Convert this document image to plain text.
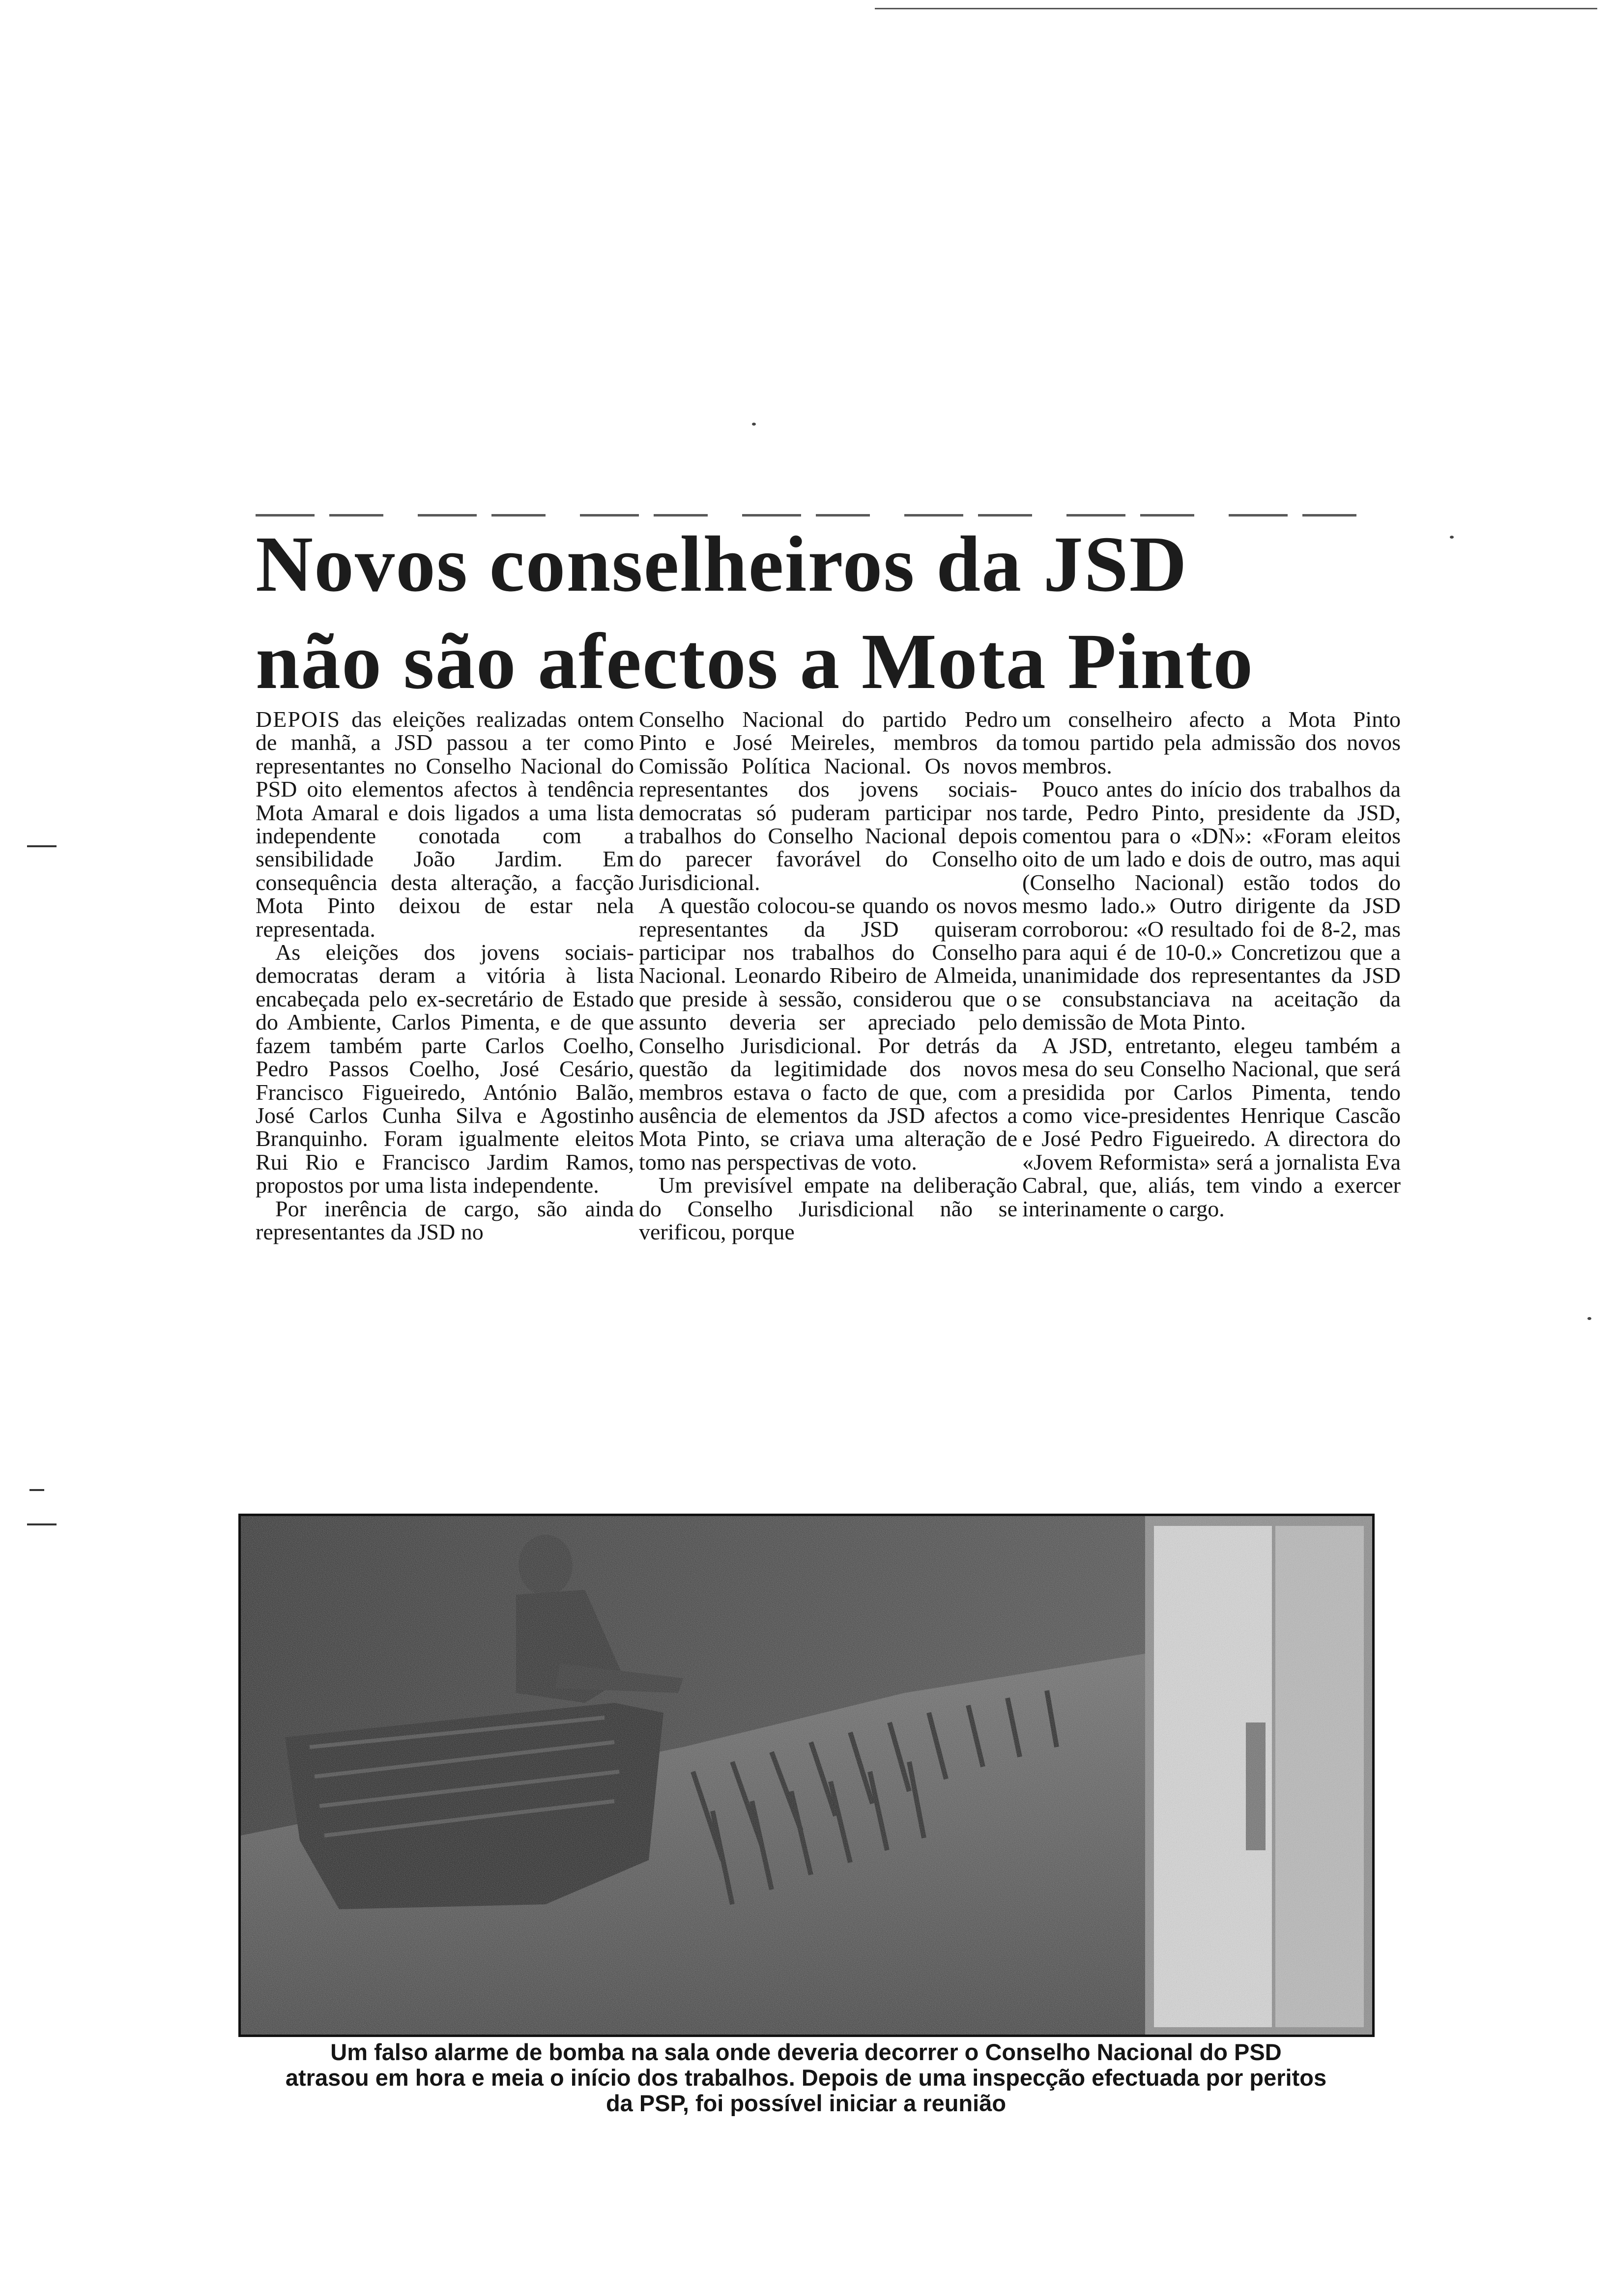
Novos conselheiros da JSD
não são afectos a Mota Pinto

DEPOIS das eleições realizadas ontem de manhã, a JSD passou a ter como representantes no Conselho Nacional do PSD oito elementos afectos à tendência Mota Amaral e dois ligados a uma lista independente conotada com a sensibilidade João Jardim. Em consequência desta alteração, a facção Mota Pinto deixou de estar nela representada.

As eleições dos jovens sociais-democratas deram a vitória à lista encabeçada pelo ex-secretário de Estado do Ambiente, Carlos Pimenta, e de que fazem também parte Carlos Coelho, Pedro Passos Coelho, José Cesário, Francisco Figueiredo, António Balão, José Carlos Cunha Silva e Agostinho Branquinho. Foram igualmente eleitos Rui Rio e Francisco Jardim Ramos, propostos por uma lista independente.

Por inerência de cargo, são ainda representantes da JSD no

Conselho Nacional do partido Pedro Pinto e José Meireles, membros da Comissão Política Nacional. Os novos representantes dos jovens sociais-democratas só puderam participar nos trabalhos do Conselho Nacional depois do parecer favorável do Conselho Jurisdicional.

A questão colocou-se quando os novos representantes da JSD quiseram participar nos trabalhos do Conselho Nacional. Leonardo Ribeiro de Almeida, que preside à sessão, considerou que o assunto deveria ser apreciado pelo Conselho Jurisdicional. Por detrás da questão da legitimidade dos novos membros estava o facto de que, com a ausência de elementos da JSD afectos a Mota Pinto, se criava uma alteração de tomo nas perspectivas de voto.

Um previsível empate na deliberação do Conselho Jurisdicional não se verificou, porque

um conselheiro afecto a Mota Pinto tomou partido pela admissão dos novos membros.

Pouco antes do início dos trabalhos da tarde, Pedro Pinto, presidente da JSD, comentou para o «DN»: «Foram eleitos oito de um lado e dois de outro, mas aqui (Conselho Nacional) estão todos do mesmo lado.» Outro dirigente da JSD corroborou: «O resultado foi de 8-2, mas para aqui é de 10-0.» Concretizou que a unanimidade dos representantes da JSD se consubstanciava na aceitação da demissão de Mota Pinto.

A JSD, entretanto, elegeu também a mesa do seu Conselho Nacional, que será presidida por Carlos Pimenta, tendo como vice-presidentes Henrique Cascão e José Pedro Figueiredo. A directora do «Jovem Reformista» será a jornalista Eva Cabral, que, aliás, tem vindo a exercer interinamente o cargo.

Um falso alarme de bomba na sala onde deveria decorrer o Conselho Nacional do PSD
atrasou em hora e meia o início dos trabalhos. Depois de uma inspecção efectuada por peritos
da PSP, foi possível iniciar a reunião
